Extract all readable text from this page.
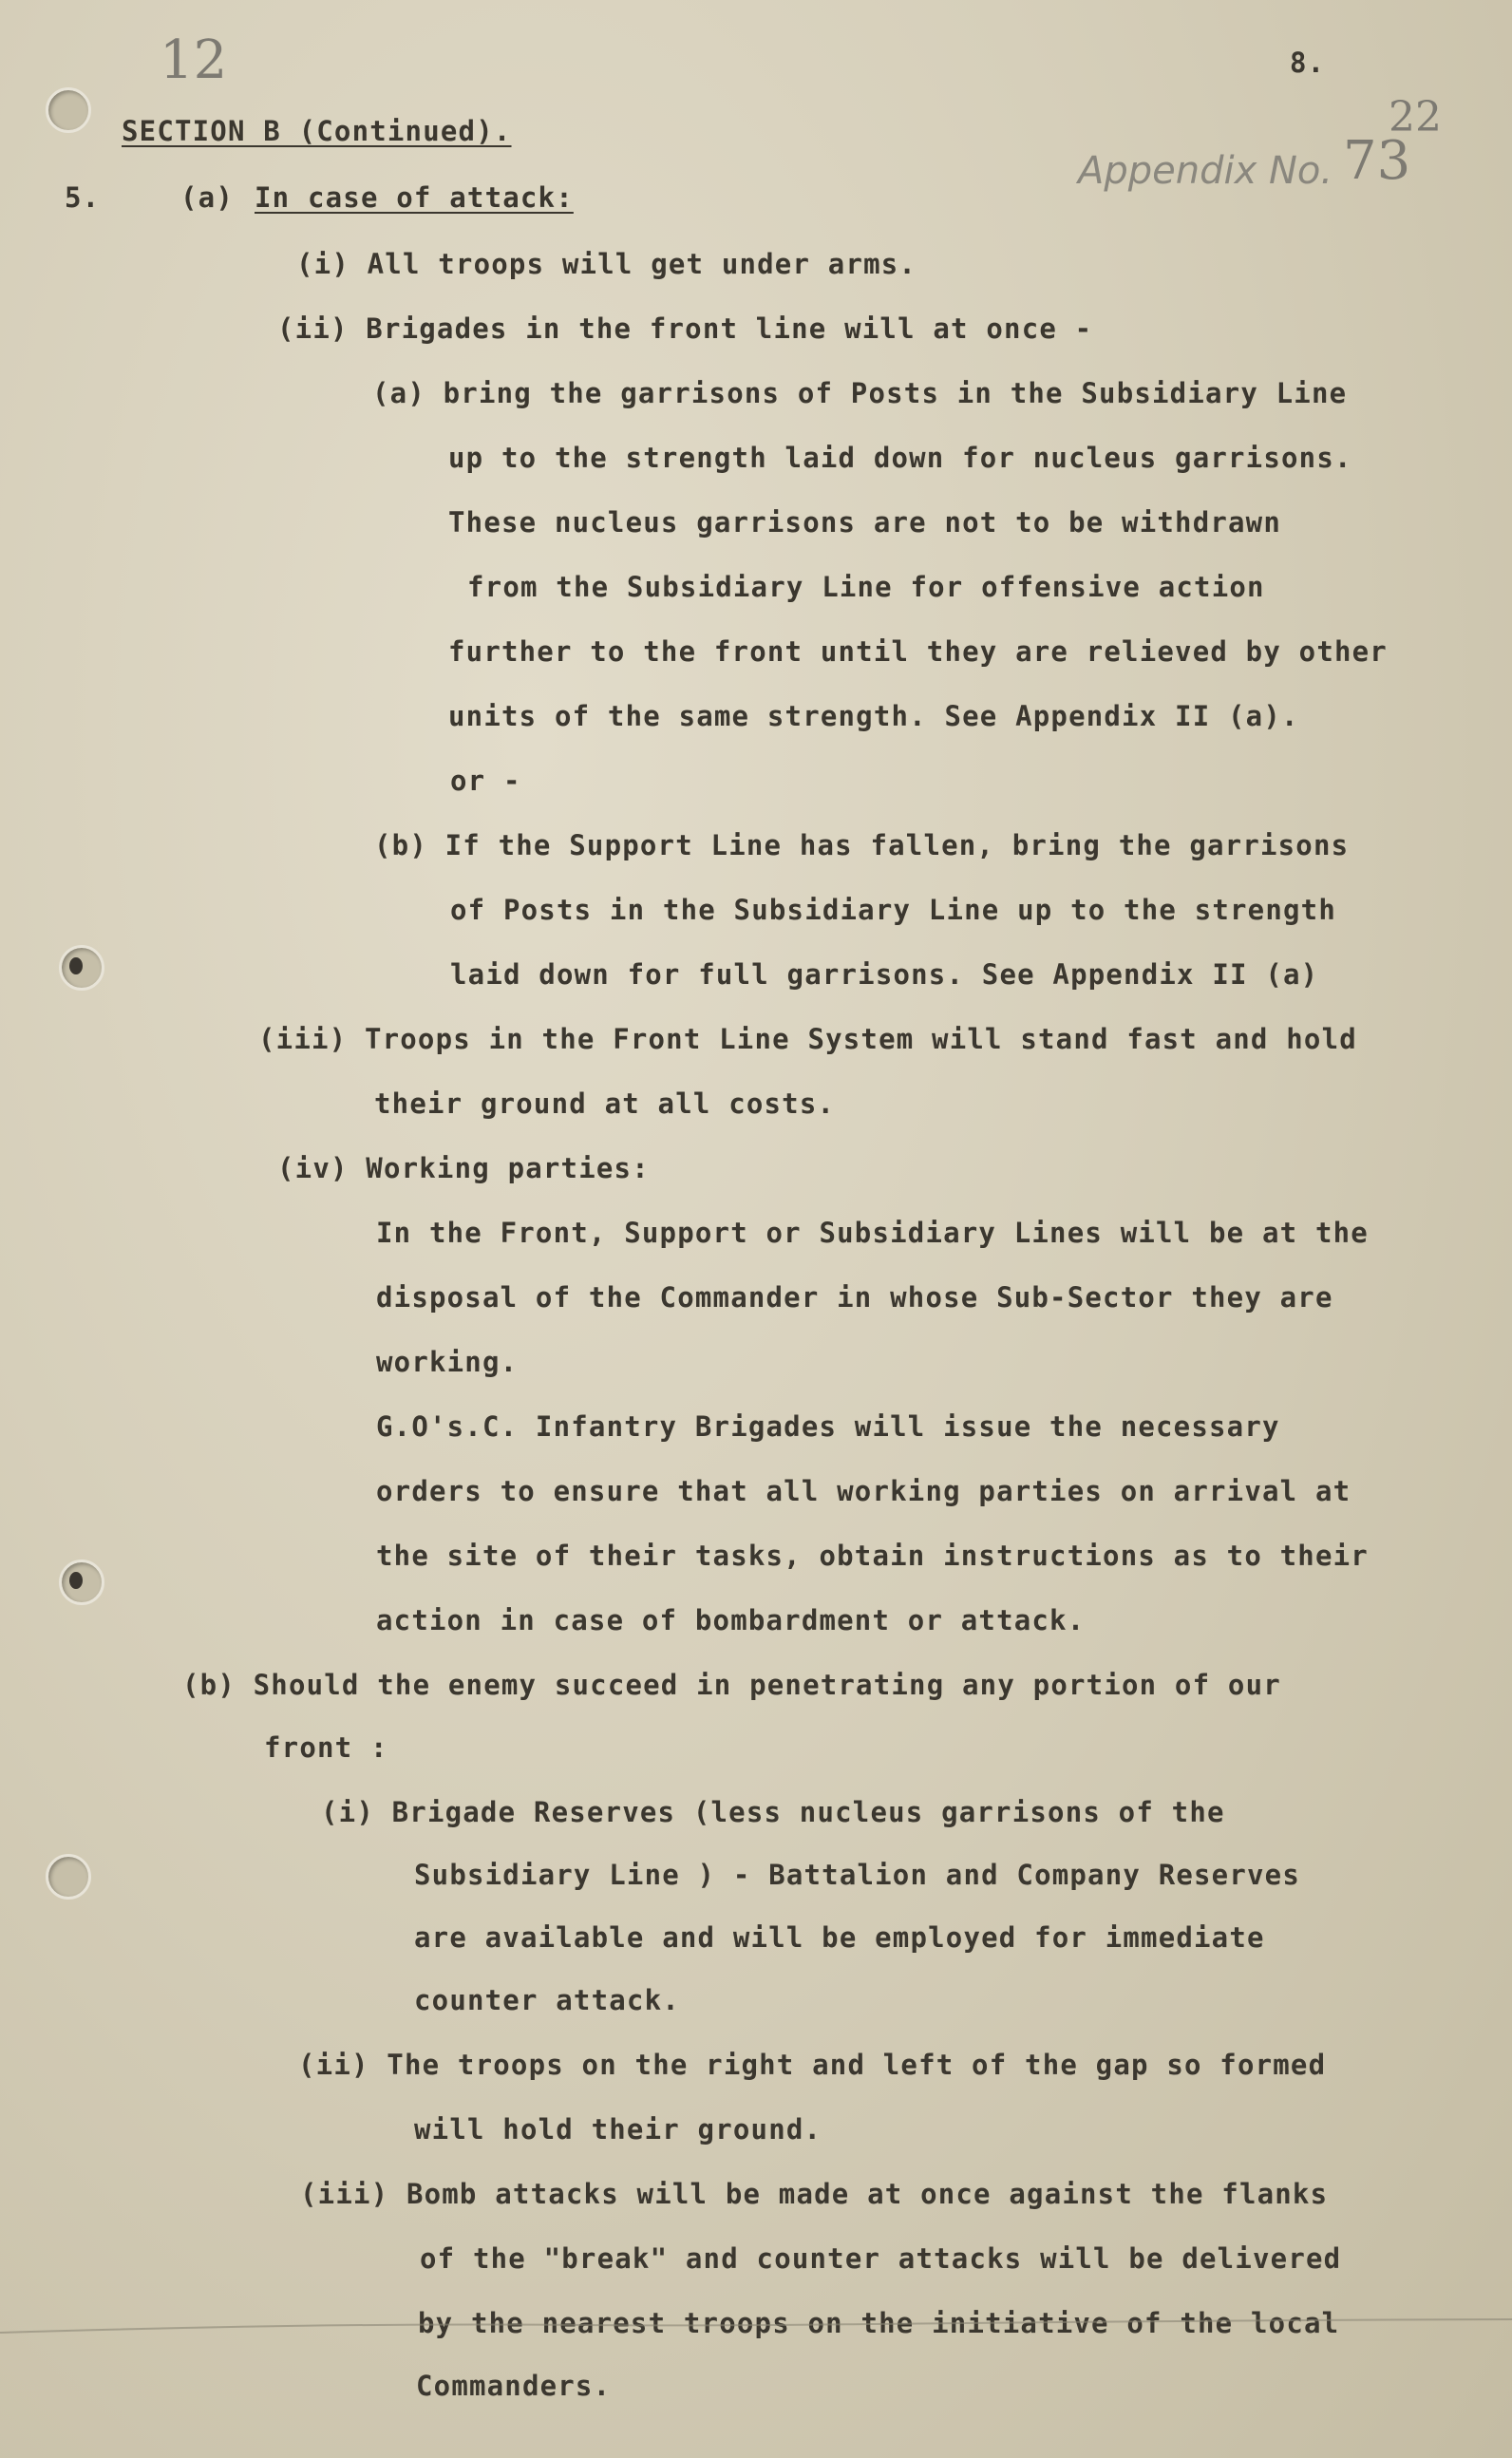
12	8.
22
Appendix No. 73
SECTION B (Continued).
5.	(a) In case of attack:
(i) All troops will get under arms.
(ii) Brigades in the front line will at once -
(a) bring the garrisons of Posts in the Subsidiary Line
up to the strength laid down for nucleus garrisons.
These nucleus garrisons are not to be withdrawn
from the Subsidiary Line for offensive action
further to the front until they are relieved by other
units of the same strength. See Appendix II (a).
or -
(b) If the Support Line has fallen, bring the garrisons
of Posts in the Subsidiary Line up to the strength
laid down for full garrisons. See Appendix II (a)
(iii) Troops in the Front Line System will stand fast and hold
their ground at all costs.
(iv) Working parties:
In the Front, Support or Subsidiary Lines will be at the
disposal of the Commander in whose Sub-Sector they are
working.
G.O's.C. Infantry Brigades will issue the necessary
orders to ensure that all working parties on arrival at
the site of their tasks, obtain instructions as to their
action in case of bombardment or attack.
(b) Should the enemy succeed in penetrating any portion of our
front :
(i) Brigade Reserves (less nucleus garrisons of the
Subsidiary Line ) - Battalion and Company Reserves
are available and will be employed for immediate
counter attack.
(ii) The troops on the right and left of the gap so formed
will hold their ground.
(iii) Bomb attacks will be made at once against the flanks
of the "break" and counter attacks will be delivered
by the nearest troops on the initiative of the local
Commanders.
